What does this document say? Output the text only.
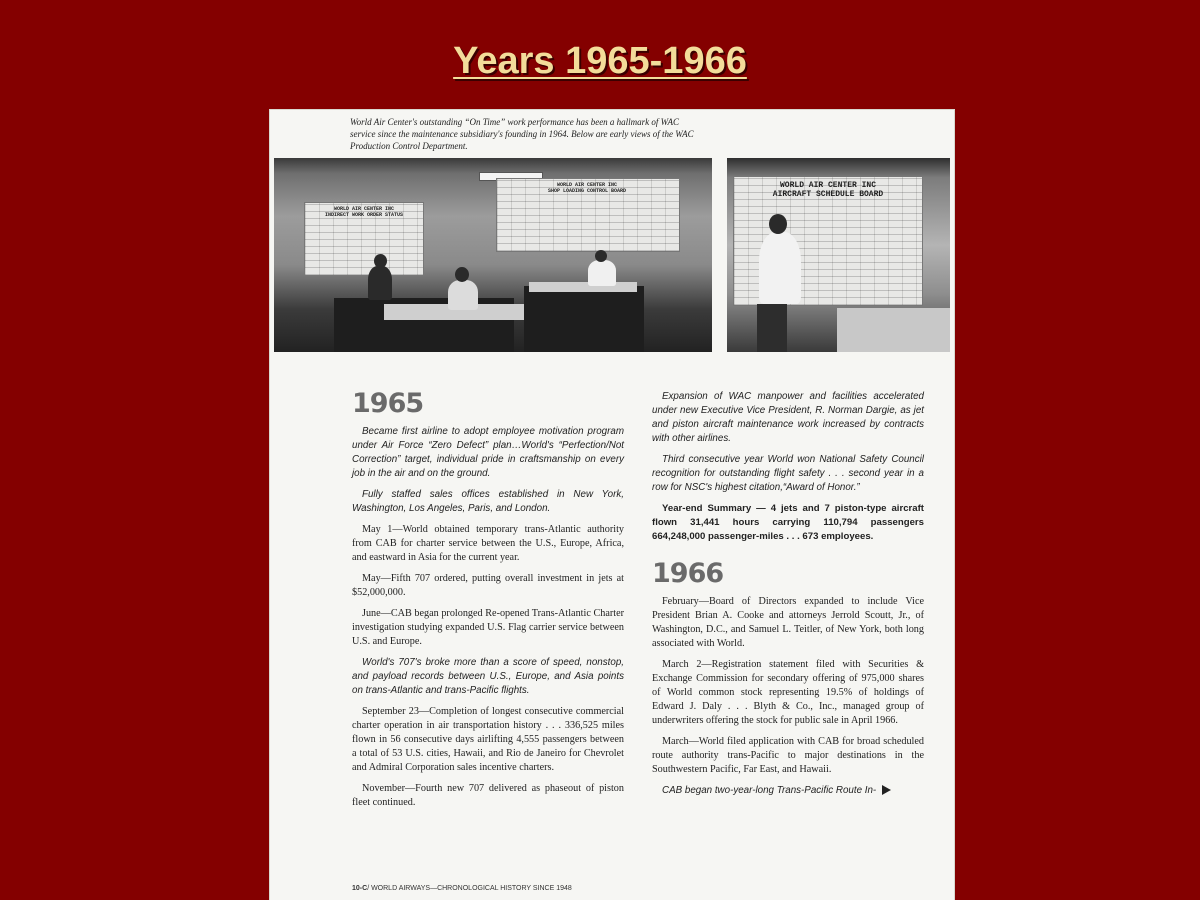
Years 1965-1966
World Air Center's outstanding “On Time” work performance has been a hallmark of WAC service since the maintenance subsidiary's founding in 1964. Below are early views of the WAC Production Control Department.
WORLD AIR CENTER INC
INDIRECT WORK ORDER STATUS
WORLD AIR CENTER INC
SHOP LOADING CONTROL BOARD
WORLD AIR CENTER INC
AIRCRAFT SCHEDULE BOARD
1965

Became first airline to adopt employee motivation program under Air Force “Zero Defect” plan…World's “Perfection/Not Correction” target, individual pride in craftsmanship on every job in the air and on the ground.

Fully staffed sales offices established in New York, Washington, Los Angeles, Paris, and London.

May 1—World obtained temporary trans-Atlantic authority from CAB for charter service between the U.S., Europe, Africa, and eastward in Asia for the current year.

May—Fifth 707 ordered, putting overall investment in jets at $52,000,000.

June—CAB began prolonged Re-opened Trans-Atlantic Charter investigation studying expanded U.S. Flag carrier service between U.S. and Europe.

World's 707's broke more than a score of speed, nonstop, and payload records between U.S., Europe, and Asia points on trans-Atlantic and trans-Pacific flights.

September 23—Completion of longest consecutive commercial charter operation in air transportation history . . . 336,525 miles flown in 56 consecutive days airlifting 4,555 passengers between a total of 53 U.S. cities, Hawaii, and Rio de Janeiro for Chevrolet and Admiral Corporation sales incentive charters.

November—Fourth new 707 delivered as phaseout of piston fleet continued.

Expansion of WAC manpower and facilities accelerated under new Executive Vice President, R. Norman Dargie, as jet and piston aircraft maintenance work increased by contracts with other airlines.

Third consecutive year World won National Safety Council recognition for outstanding flight safety . . . second year in a row for NSC's highest citation,“Award of Honor.”

Year-end Summary — 4 jets and 7 piston-type aircraft flown 31,441 hours carrying 110,794 passengers 664,248,000 passenger-miles . . . 673 employees.

1966

February—Board of Directors expanded to include Vice President Brian A. Cooke and attorneys Jerrold Scoutt, Jr., of Washington, D.C., and Samuel L. Teitler, of New York, both long associated with World.

March 2—Registration statement filed with Securities & Exchange Commission for secondary offering of 975,000 shares of World common stock representing 19.5% of holdings of Edward J. Daly . . . Blyth & Co., Inc., managed group of underwriters offering the stock for public sale in April 1966.

March—World filed application with CAB for broad scheduled route authority trans-Pacific to major destinations in the Southwestern Pacific, Far East, and Hawaii.

CAB began two-year-long Trans-Pacific Route In-

10-C/ WORLD AIRWAYS—CHRONOLOGICAL HISTORY SINCE 1948
